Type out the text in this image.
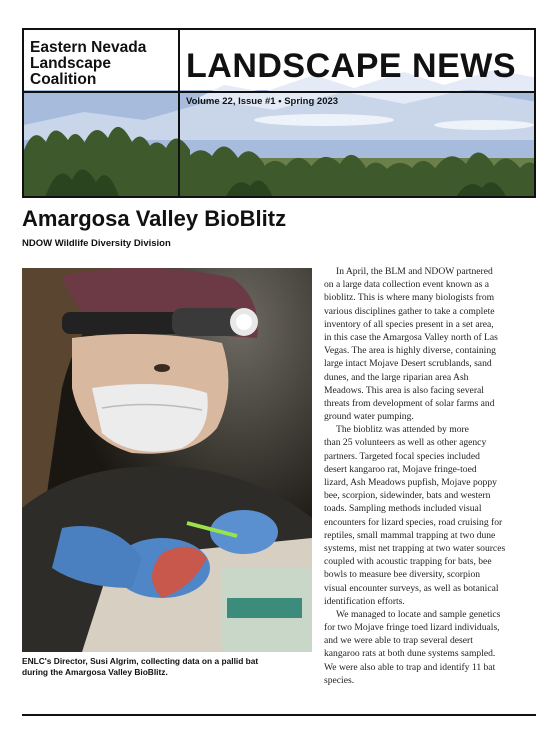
Eastern Nevada
Landscape
Coalition	LANDSCAPE NEWS
Volume 22, Issue #1 • Spring 2023
Amargosa Valley BioBlitz
NDOW Wildlife Diversity Division
ENLC's Director, Susi Algrim, collecting data on a pallid bat
during the Amargosa Valley BioBlitz.
In April, the BLM and NDOW partnered
on a large data collection event known as a
bioblitz. This is where many biologists from
various disciplines gather to take a complete
inventory of all species present in a set area,
in this case the Amargosa Valley north of Las
Vegas. The area is highly diverse, containing
large intact Mojave Desert scrublands, sand
dunes, and the large riparian area Ash
Meadows. This area is also facing several
threats from development of solar farms and
ground water pumping.
The bioblitz was attended by more
than 25 volunteers as well as other agency
partners. Targeted focal species included
desert kangaroo rat, Mojave fringe-toed
lizard, Ash Meadows pupfish, Mojave poppy
bee, scorpion, sidewinder, bats and western
toads. Sampling methods included visual
encounters for lizard species, road cruising for
reptiles, small mammal trapping at two dune
systems, mist net trapping at two water sources
coupled with acoustic trapping for bats, bee
bowls to measure bee diversity, scorpion
visual encounter surveys, as well as botanical
identification efforts.
We managed to locate and sample genetics
for two Mojave fringe toed lizard individuals,
and we were able to trap several desert
kangaroo rats at both dune systems sampled.
We were also able to trap and identify 11 bat
species.
